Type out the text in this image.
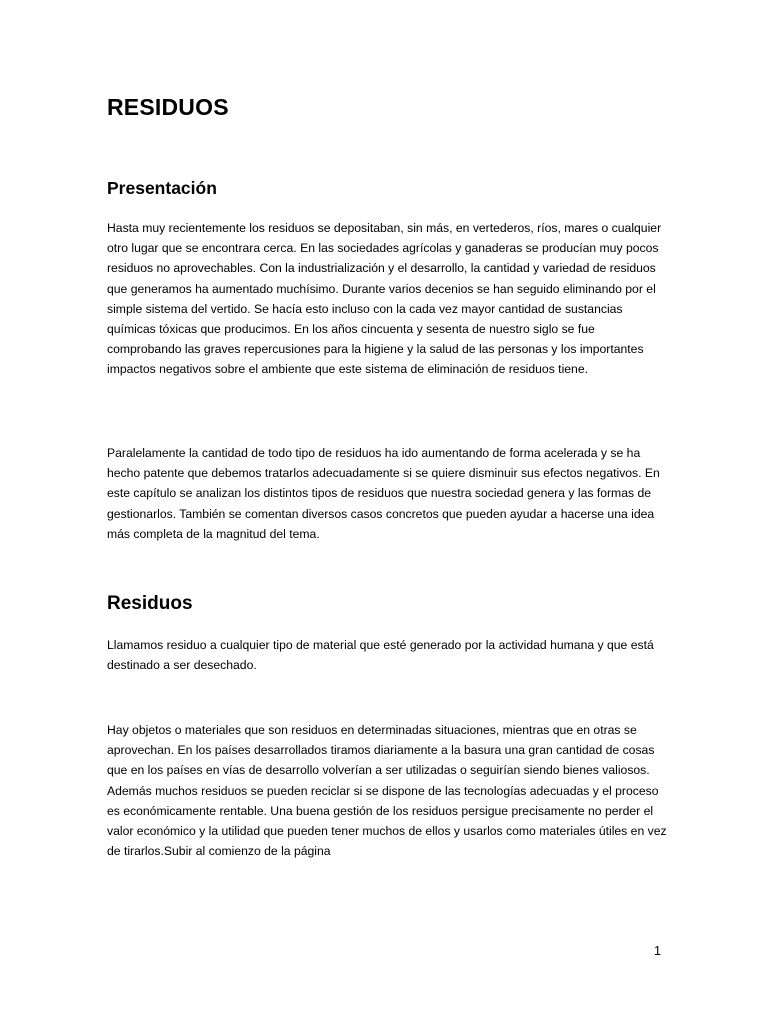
RESIDUOS
Presentación

Hasta muy recientemente los residuos se depositaban, sin más, en vertederos, ríos, mares o cualquier otro lugar que se encontrara cerca. En las sociedades agrícolas y ganaderas se producían muy pocos residuos no aprovechables. Con la industrialización y el desarrollo, la cantidad y variedad de residuos que generamos ha aumentado muchísimo. Durante varios decenios se han seguido eliminando por el simple sistema del vertido. Se hacía esto incluso con la cada vez mayor cantidad de sustancias químicas tóxicas que producimos. En los años cincuenta y sesenta de nuestro siglo se fue comprobando las graves repercusiones para la higiene y la salud de las personas y los importantes impactos negativos sobre el ambiente que este sistema de eliminación de residuos tiene.

Paralelamente la cantidad de todo tipo de residuos ha ido aumentando de forma acelerada y se ha hecho patente que debemos tratarlos adecuadamente si se quiere disminuir sus efectos negativos. En este capítulo se analizan los distintos tipos de residuos que nuestra sociedad genera y las formas de gestionarlos. También se comentan diversos casos concretos que pueden ayudar a hacerse una idea más completa de la magnitud del tema.

Residuos

Llamamos residuo a cualquier tipo de material que esté generado por la actividad humana y que está destinado a ser desechado.

Hay objetos o materiales que son residuos en determinadas situaciones, mientras que en otras se aprovechan. En los países desarrollados tiramos diariamente a la basura una gran cantidad de cosas que en los países en vías de desarrollo volverían a ser utilizadas o seguirían siendo bienes valiosos. Además muchos residuos se pueden reciclar si se dispone de las tecnologías adecuadas y el proceso es económicamente rentable. Una buena gestión de los residuos persigue precisamente no perder el valor económico y la utilidad que pueden tener muchos de ellos y usarlos como materiales útiles en vez de tirarlos.Subir al comienzo de la página

1
